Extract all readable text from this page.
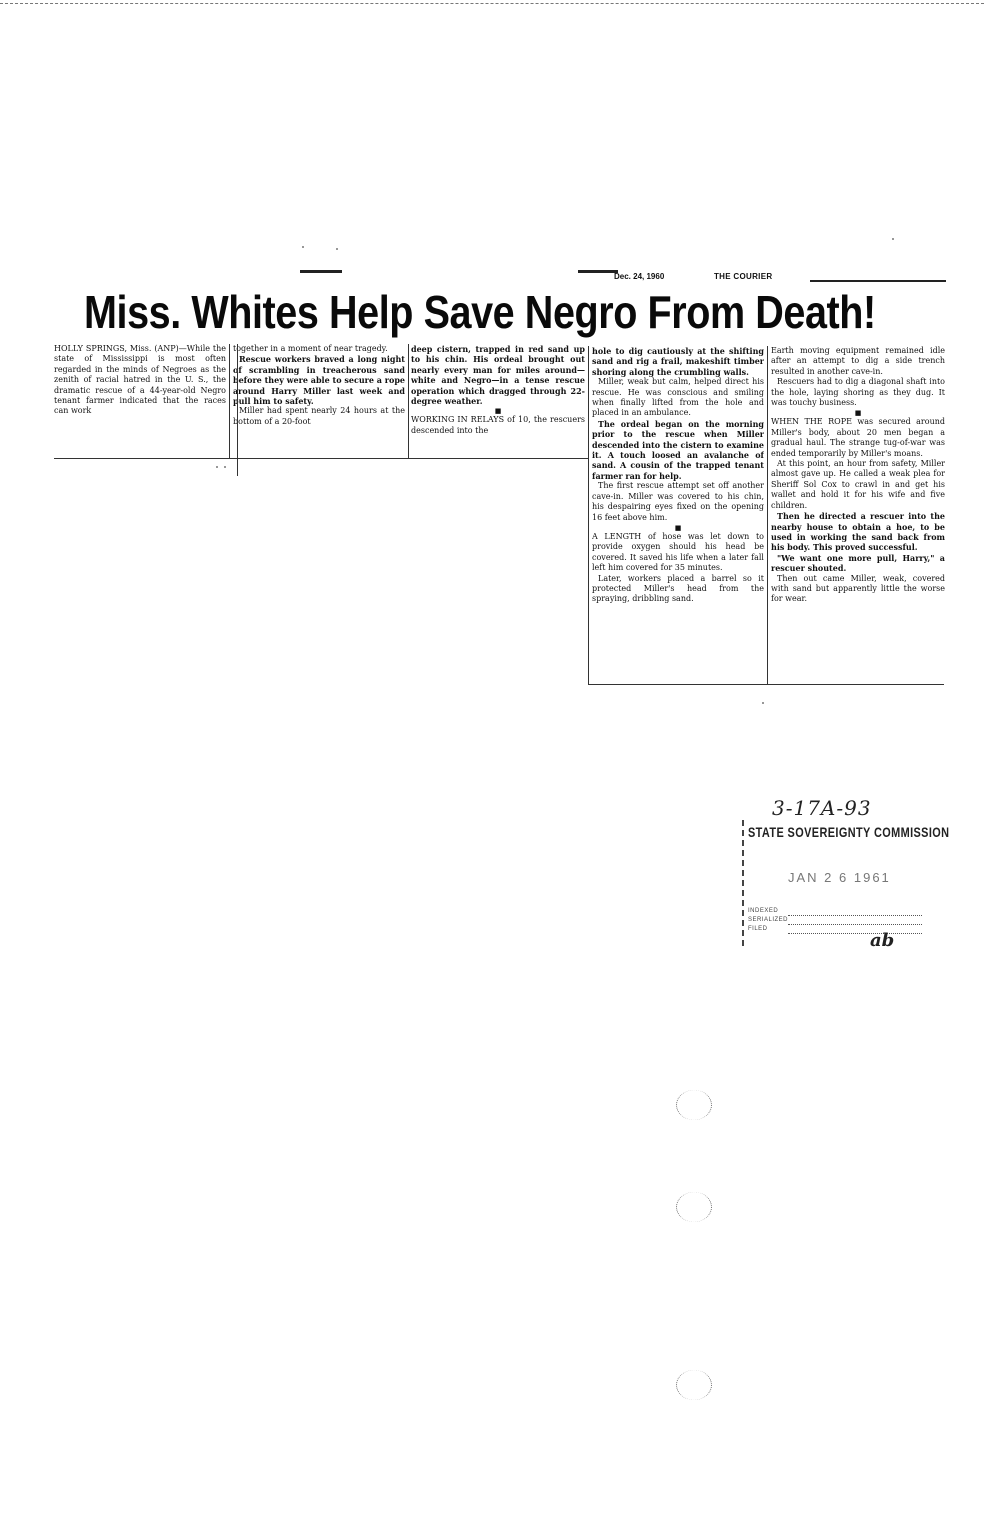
Dec. 24, 1960	THE COURIER
Miss. Whites Help Save Negro From Death!

HOLLY SPRINGS, Miss. (ANP)—While the state of Mississippi is most often regarded in the minds of Negroes as the zenith of racial hatred in the U. S., the dramatic rescue of a 44-year-old Negro tenant farmer indicated that the races can work

together in a moment of near tragedy.

Rescue workers braved a long night of scrambling in treacherous sand before they were able to secure a rope around Harry Miller last week and pull him to safety.

Miller had spent nearly 24 hours at the bottom of a 20-foot

deep cistern, trapped in red sand up to his chin. His ordeal brought out nearly every man for miles around—white and Negro—in a tense rescue operation which dragged through 22-degree weather.

■

WORKING IN RELAYS of 10, the rescuers descended into the

hole to dig cautiously at the shifting sand and rig a frail, makeshift timber shoring along the crumbling walls.

Miller, weak but calm, helped direct his rescue. He was conscious and smiling when finally lifted from the hole and placed in an ambulance.

The ordeal began on the morning prior to the rescue when Miller descended into the cistern to examine it. A touch loosed an avalanche of sand. A cousin of the trapped tenant farmer ran for help.

The first rescue attempt set off another cave-in. Miller was covered to his chin, his despairing eyes fixed on the opening 16 feet above him.

■

A LENGTH of hose was let down to provide oxygen should his head be covered. It saved his life when a later fall left him covered for 35 minutes.

Later, workers placed a barrel so it protected Miller's head from the spraying, dribbling sand.

Earth moving equipment remained idle after an attempt to dig a side trench resulted in another cave-in.

Rescuers had to dig a diagonal shaft into the hole, laying shoring as they dug. It was touchy business.

■

WHEN THE ROPE was secured around Miller's body, about 20 men began a gradual haul. The strange tug-of-war was ended temporarily by Miller's moans.

At this point, an hour from safety, Miller almost gave up. He called a weak plea for Sheriff Sol Cox to crawl in and get his wallet and hold it for his wife and five children.

Then he directed a rescuer into the nearby house to obtain a hoe, to be used in working the sand back from his body. This proved successful.

"We want one more pull, Harry," a rescuer shouted.

Then out came Miller, weak, covered with sand but apparently little the worse for wear.

3-17A-93
STATE SOVEREIGNTY COMMISSION
JAN 2 6 1961
INDEXED
SERIALIZED
FILED
ab
